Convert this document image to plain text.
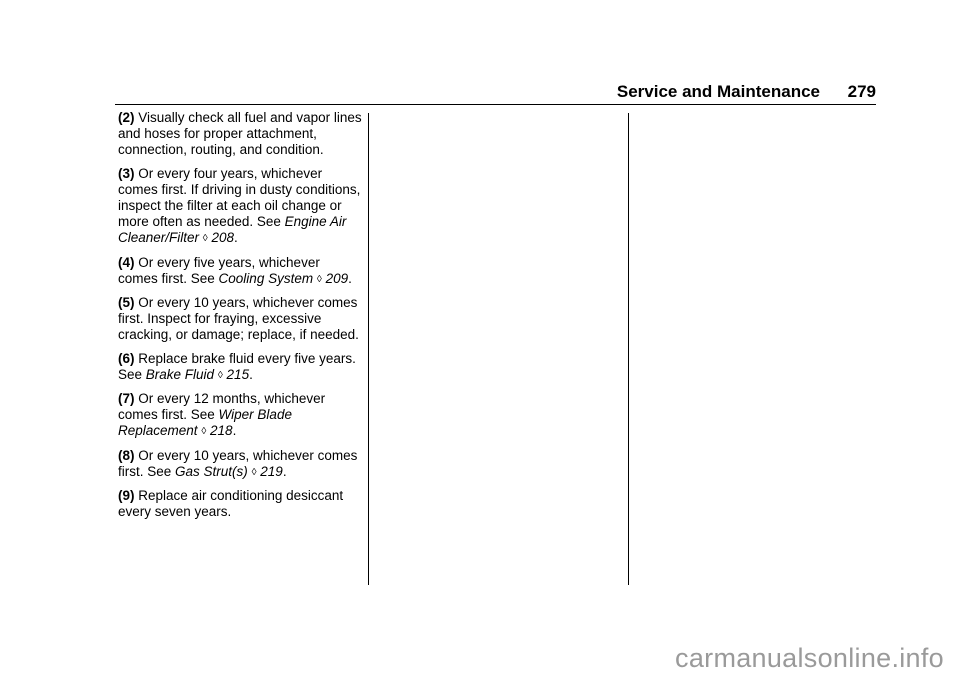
Service and Maintenance	279

(2) Visually check all fuel and vapor lines and hoses for proper attachment, connection, routing, and condition.

(3) Or every four years, whichever comes first. If driving in dusty conditions, inspect the filter at each oil change or more often as needed. See Engine Air Cleaner/Filter ◊ 208.

(4) Or every five years, whichever comes first. See Cooling System ◊ 209.

(5) Or every 10 years, whichever comes first. Inspect for fraying, excessive cracking, or damage; replace, if needed.

(6) Replace brake fluid every five years. See Brake Fluid ◊ 215.

(7) Or every 12 months, whichever comes first. See Wiper Blade Replacement ◊ 218.

(8) Or every 10 years, whichever comes first. See Gas Strut(s) ◊ 219.

(9) Replace air conditioning desiccant every seven years.

carmanualsonline.info
